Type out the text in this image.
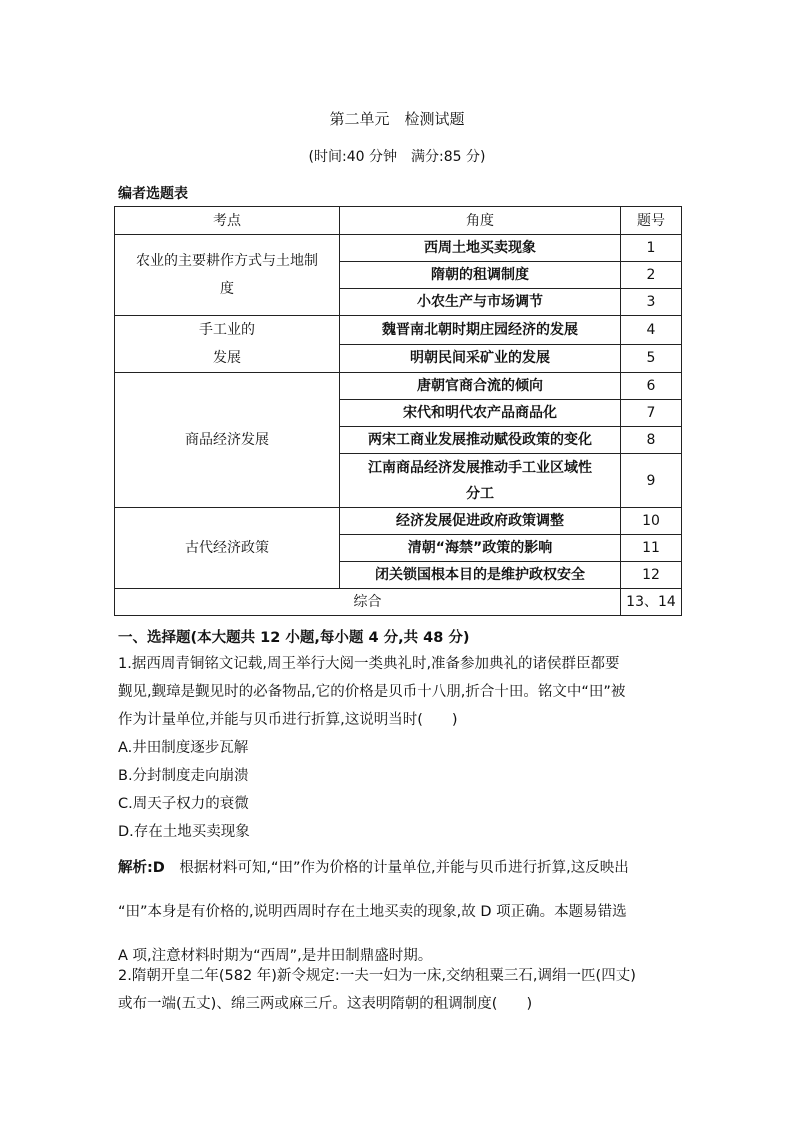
第二单元　检测试题
(时间:40 分钟　满分:85 分)
编者选题表
考点	角度	题号

农业的主要耕作方式与土地制
度	西周土地买卖现象	1
	隋朝的租调制度	2
	小农生产与市场调节	3

手工业的
发展	魏晋南北朝时期庄园经济的发展	4
	明朝民间采矿业的发展	5
商品经济发展	唐朝官商合流的倾向	6
	宋代和明代农产品商品化	7
	两宋工商业发展推动赋役政策的变化	8

	江南商品经济发展推动手工业区域性
分工	9
古代经济政策	经济发展促进政府政策调整	10
	清朝“海禁”政策的影响	11
	闭关锁国根本目的是维护政权安全	12
综合		13、14
一、选择题(本大题共 12 小题,每小题 4 分,共 48 分)

1.据西周青铜铭文记载,周王举行大阅一类典礼时,准备参加典礼的诸侯群臣都要

觐见,觐璋是觐见时的必备物品,它的价格是贝币十八朋,折合十田。铭文中“田”被

作为计量单位,并能与贝币进行折算,这说明当时(　　)

A.井田制度逐步瓦解

B.分封制度走向崩溃

C.周天子权力的衰微

D.存在土地买卖现象

解析:D　根据材料可知,“田”作为价格的计量单位,并能与贝币进行折算,这反映出
“田”本身是有价格的,说明西周时存在土地买卖的现象,故 D 项正确。本题易错选
A 项,注意材料时期为“西周”,是井田制鼎盛时期。

2.隋朝开皇二年(582 年)新令规定:一夫一妇为一床,交纳租粟三石,调绢一匹(四丈)

或布一端(五丈)、绵三两或麻三斤。这表明隋朝的租调制度(　　)
